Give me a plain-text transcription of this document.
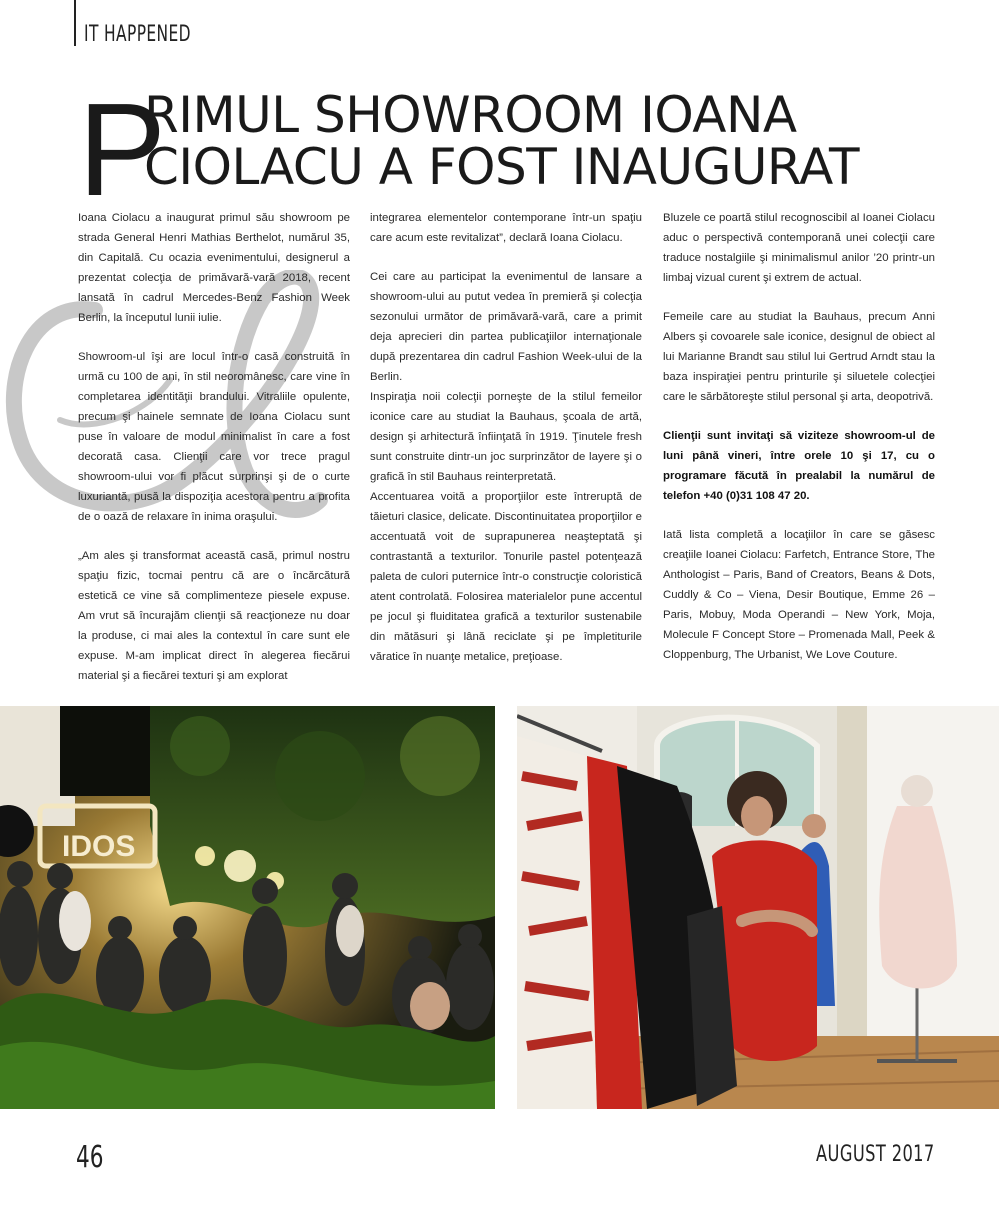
IT HAPPENED
P
RIMUL SHOWROOM IOANA
CIOLACU A FOST INAUGURAT

Ioana Ciolacu a inaugurat primul său showroom pe strada General Henri Mathias Berthelot, numărul 35, din Capitală. Cu ocazia evenimentului, designerul a prezentat colecţia de primăvară-vară 2018, recent lansată în cadrul Mercedes-Benz Fashion Week Berlin, la începutul lunii iulie.

Showroom-ul îşi are locul într-o casă construită în urmă cu 100 de ani, în stil neoromânesc, care vine în completarea identităţii brandului. Vitraliile opulente, precum şi hainele semnate de Ioana Ciolacu sunt puse în valoare de modul minimalist în care a fost decorată casa. Clienţii care vor trece pragul showroom-ului vor fi plăcut surprinşi şi de o curte luxuriantă, pusă la dispoziţia acestora pentru a profita de o oază de relaxare în inima oraşului.

„Am ales şi transformat această casă, primul nostru spaţiu fizic, tocmai pentru că are o încărcătură estetică ce vine să complimenteze piesele expuse. Am vrut să încurajăm clienţii să reacţioneze nu doar la produse, ci mai ales la contextul în care sunt ele expuse. M-am implicat direct în alegerea fiecărui material şi a fiecărei texturi şi am explorat

integrarea elementelor contemporane într-un spaţiu care acum este revitalizat”, declară Ioana Ciolacu.

Cei care au participat la evenimentul de lansare a showroom-ului au putut vedea în premieră şi colecţia sezonului următor de primăvară-vară, care a primit deja aprecieri din partea publicaţiilor internaţionale după prezentarea din cadrul Fashion Week-ului de la Berlin.

Inspiraţia noii colecţii porneşte de la stilul femeilor iconice care au studiat la Bauhaus, şcoala de artă, design şi arhitectură înfiinţată în 1919. Ţinutele fresh sunt construite dintr-un joc surprinzător de layere şi o grafică în stil Bauhaus reinterpretată.

Accentuarea voită a proporţiilor este întreruptă de tăieturi clasice, delicate. Discontinuitatea proporţiilor e accentuată voit de suprapunerea neaşteptată şi contrastantă a texturilor. Tonurile pastel potenţează paleta de culori puternice într-o construcţie coloristică atent controlată. Folosirea materialelor pune accentul pe jocul şi fluiditatea grafică a texturilor sustenabile din mătăsuri şi lână reciclate şi pe împletiturile văratice în nuanţe metalice, preţioase.

Bluzele ce poartă stilul recognoscibil al Ioanei Ciolacu aduc o perspectivă contemporană unei colecţii care traduce nostalgiile şi minimalismul anilor ’20 printr-un limbaj vizual curent şi extrem de actual.

Femeile care au studiat la Bauhaus, precum Anni Albers şi covoarele sale iconice, designul de obiect al lui Marianne Brandt sau stilul lui Gertrud Arndt stau la baza inspiraţiei pentru printurile şi siluetele colecţiei care le sărbătoreşte stilul personal şi arta, deopotrivă.

Clienţii sunt invitaţi să viziteze showroom-ul de luni până vineri, între orele 10 şi 17, cu o programare făcută în prealabil la numărul de telefon +40 (0)31 108 47 20.

Iată lista completă a locaţiilor în care se găsesc creaţiile Ioanei Ciolacu: Farfetch, Entrance Store, The Anthologist – Paris, Band of Creators, Beans & Dots, Cuddly & Co – Viena, Desir Boutique, Emme 26 – Paris, Mobuy, Moda Operandi – New York, Moja, Molecule F Concept Store – Promenada Mall, Peek & Cloppenburg, The Urbanist, We Love Couture.

IDOS
46	AUGUST 2017
